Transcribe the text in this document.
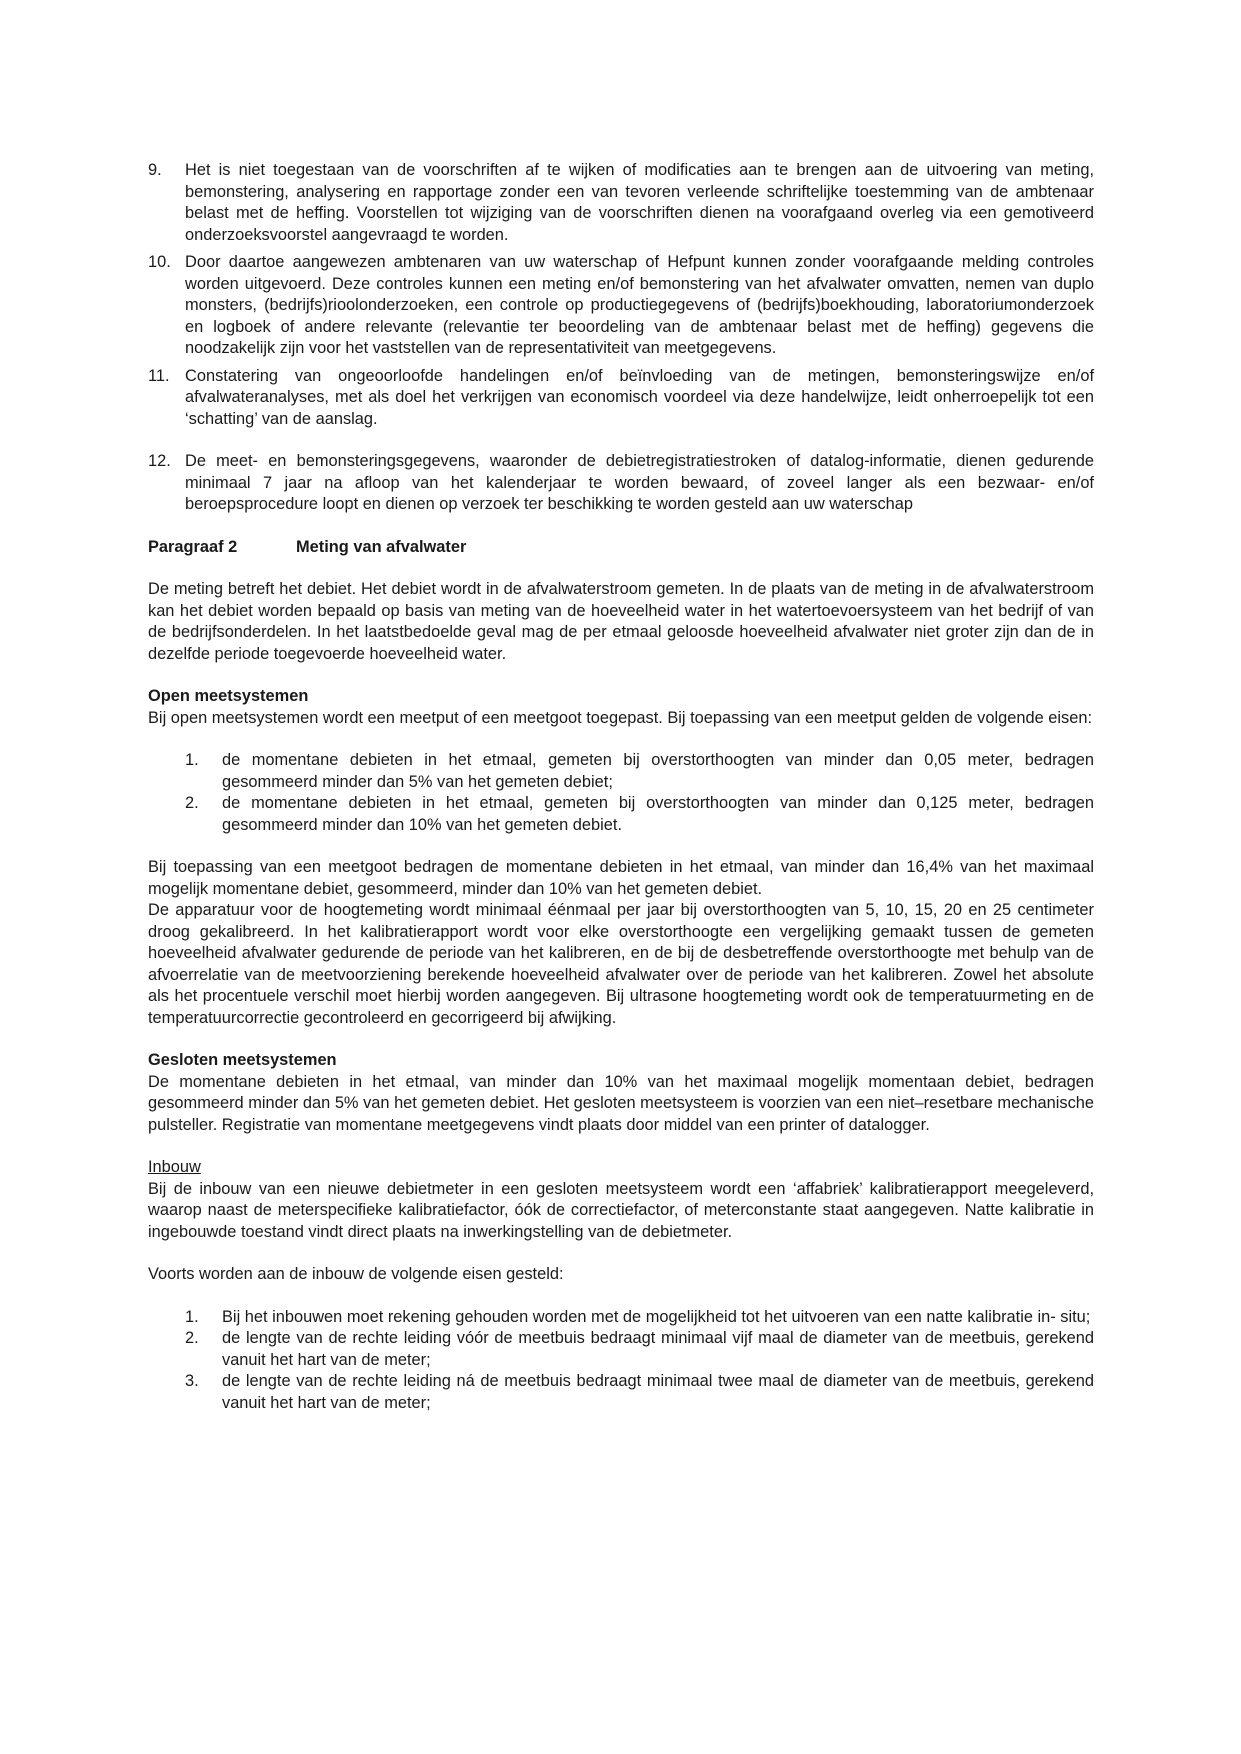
9.	Het is niet toegestaan van de voorschriften af te wijken of modificaties aan te brengen aan de uitvoering van meting, bemonstering, analysering en rapportage zonder een van tevoren verleende schriftelijke toestemming van de ambtenaar belast met de heffing. Voorstellen tot wijziging van de voorschriften dienen na voorafgaand overleg via een gemotiveerd onderzoeksvoorstel aangevraagd te worden.
10. Door daartoe aangewezen ambtenaren van uw waterschap of Hefpunt kunnen zonder voorafgaande melding controles worden uitgevoerd. Deze controles kunnen een meting en/of bemonstering van het afvalwater omvatten, nemen van duplo monsters, (bedrijfs)rioolonderzoeken, een controle op productiegegevens of (bedrijfs)boekhouding, laboratoriumonderzoek en logboek of andere relevante (relevantie ter beoordeling van de ambtenaar belast met de heffing) gegevens die noodzakelijk zijn voor het vaststellen van de representativiteit van meetgegevens.
11. Constatering van ongeoorloofde handelingen en/of beïnvloeding van de metingen, bemonsteringswijze en/of afvalwateranalyses, met als doel het verkrijgen van economisch voordeel via deze handelwijze, leidt onherroepelijk tot een ‘schatting’ van de aanslag.
12. De meet- en bemonsteringsgegevens, waaronder de debietregistratiestroken of datalog-informatie, dienen gedurende minimaal 7 jaar na afloop van het kalenderjaar te worden bewaard, of zoveel langer als een bezwaar- en/of beroepsprocedure loopt en dienen op verzoek ter beschikking te worden gesteld aan uw waterschap
Paragraaf 2	Meting van afvalwater

De meting betreft het debiet. Het debiet wordt in de afvalwaterstroom gemeten. In de plaats van de meting in de afvalwaterstroom kan het debiet worden bepaald op basis van meting van de hoeveelheid water in het watertoevoersysteem van het bedrijf of van de bedrijfsonderdelen. In het laatstbedoelde geval mag de per etmaal geloosde hoeveelheid afvalwater niet groter zijn dan de in dezelfde periode toegevoerde hoeveelheid water.

Open meetsystemen

Bij open meetsystemen wordt een meetput of een meetgoot toegepast. Bij toepassing van een meetput gelden de volgende eisen:

1.	de momentane debieten in het etmaal, gemeten bij overstorthoogten van minder dan 0,05 meter, bedragen gesommeerd minder dan 5% van het gemeten debiet;
2.	de momentane debieten in het etmaal, gemeten bij overstorthoogten van minder dan 0,125 meter, bedragen gesommeerd minder dan 10% van het gemeten debiet.

Bij toepassing van een meetgoot bedragen de momentane debieten in het etmaal, van minder dan 16,4% van het maximaal mogelijk momentane debiet, gesommeerd, minder dan 10% van het gemeten debiet.

De apparatuur voor de hoogtemeting wordt minimaal éénmaal per jaar bij overstorthoogten van 5, 10, 15, 20 en 25 centimeter droog gekalibreerd. In het kalibratierapport wordt voor elke overstorthoogte een vergelijking gemaakt tussen de gemeten hoeveelheid afvalwater gedurende de periode van het kalibreren, en de bij de desbetreffende overstorthoogte met behulp van de afvoerrelatie van de meetvoorziening berekende hoeveelheid afvalwater over de periode van het kalibreren. Zowel het absolute als het procentuele verschil moet hierbij worden aangegeven. Bij ultrasone hoogtemeting wordt ook de temperatuurmeting en de temperatuurcorrectie gecontroleerd en gecorrigeerd bij afwijking.

Gesloten meetsystemen

De momentane debieten in het etmaal, van minder dan 10% van het maximaal mogelijk momentaan debiet, bedragen gesommeerd minder dan 5% van het gemeten debiet. Het gesloten meetsysteem is voorzien van een niet–resetbare mechanische pulsteller. Registratie van momentane meetgegevens vindt plaats door middel van een printer of datalogger.

Inbouw

Bij de inbouw van een nieuwe debietmeter in een gesloten meetsysteem wordt een ‘affabriek’ kalibratierapport meegeleverd, waarop naast de meterspecifieke kalibratiefactor, óók de correctiefactor, of meterconstante staat aangegeven. Natte kalibratie in ingebouwde toestand vindt direct plaats na inwerkingstelling van de debietmeter.

Voorts worden aan de inbouw de volgende eisen gesteld:

1.	Bij het inbouwen moet rekening gehouden worden met de mogelijkheid tot het uitvoeren van een natte kalibratie in- situ;
2.	de lengte van de rechte leiding vóór de meetbuis bedraagt minimaal vijf maal de diameter van de meetbuis, gerekend vanuit het hart van de meter;
3.	de lengte van de rechte leiding ná de meetbuis bedraagt minimaal twee maal de diameter van de meetbuis, gerekend vanuit het hart van de meter;
